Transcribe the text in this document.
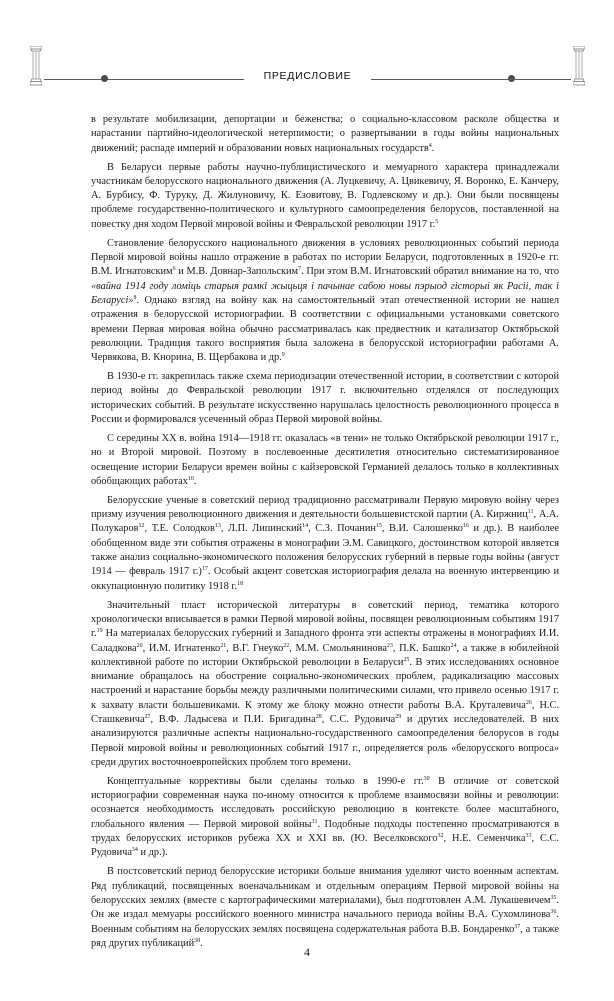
ПРЕДИСЛОВИЕ

в результате мобилизации, депортации и беженства; о социально-классовом расколе общества и нарастании партийно-идеологической нетерпимости; о развертывании в годы войны национальных движений; распаде империй и образовании новых национальных государств$^4$.

В Беларуси первые работы научно-публицистического и мемуарного характера принадлежали участникам белорусского национального движения (А. Луцкевичу, А. Цвикевичу, Я. Воронко, Е. Канчеру, А. Бурбису, Ф. Туруку, Д. Жилуновичу, К. Езовитову, В. Годлевскому и др.). Они были посвящены проблеме государственно-политического и культурного самоопределения белорусов, поставленной на повестку дня ходом Первой мировой войны и Февральской революции 1917 г.$^5$

Становление белорусского национального движения в условиях революционных событий периода Первой мировой войны нашло отражение в работах по истории Беларуси, подготовленных в 1920-е гг. В.М. Игнатовским$^6$ и М.В. Довнар-Запольским$^7$. При этом В.М. Игнатовский обратил внимание на то, что «вайна 1914 году ломіць старыя рамкі жыцьця і пачынае сабою новы пэрыод гісторыі як Расіі, так і Беларусі»$^8$. Однако взгляд на войну как на самостоятельный этап отечественной истории не нашел отражения в белорусской историографии. В соответствии с официальными установками советского времени Первая мировая война обычно рассматривалась как предвестник и катализатор Октябрьской революции. Традиция такого восприятия была заложена в белорусской историографии работами А. Червякова, В. Кнорина, В. Щербакова и др.$^9$

В 1930-е гг. закрепилась также схема периодизации отечественной истории, в соответствии с которой период войны до Февральской революции 1917 г. включительно отделялся от последующих исторических событий. В результате искусственно нарушалась целостность революционного процесса в России и формировался усеченный образ Первой мировой войны.

С середины XX в. война 1914—1918 гг. оказалась «в тени» не только Октябрьской революции 1917 г., но и Второй мировой. Поэтому в послевоенные десятилетия относительно систематизированное освещение истории Беларуси времен войны с кайзеровской Германией делалось только в коллективных обобщающих работах$^{10}$.

Белорусские ученые в советский период традиционно рассматривали Первую мировую войну через призму изучения революционного движения и деятельности большевистской партии (А. Киржниц$^{11}$, А.А. Полукаров$^{12}$, Т.Е. Солодков$^{13}$, Л.П. Липинский$^{14}$, С.З. Почанин$^{15}$, В.И. Салошенко$^{16}$ и др.). В наиболее обобщенном виде эти события отражены в монографии Э.М. Савицкого, достоинством которой является также анализ социально-экономического положения белорусских губерний в первые годы войны (август 1914 — февраль 1917 г.)$^{17}$. Особый акцент советская историография делала на военную интервенцию и оккупационную политику 1918 г.$^{18}$

Значительный пласт исторической литературы в советский период, тематика которого хронологически вписывается в рамки Первой мировой войны, посвящен революционным событиям 1917 г.$^{19}$ На материалах белорусских губерний и Западного фронта эти аспекты отражены в монографиях И.И. Саладкова$^{20}$, И.М. Игнатенко$^{21}$, В.Г. Гнеуко$^{22}$, М.М. Смольянинова$^{23}$, П.К. Башко$^{24}$, а также в юбилейной коллективной работе по истории Октябрьской революции в Беларуси$^{25}$. В этих исследованиях основное внимание обращалось на обострение социально-экономических проблем, радикализацию массовых настроений и нарастание борьбы между различными политическими силами, что привело осенью 1917 г. к захвату власти большевиками. К этому же блоку можно отнести работы В.А. Круталевича$^{26}$, Н.С. Сташкевича$^{27}$, В.Ф. Ладысева и П.И. Бригадина$^{28}$, С.С. Рудовича$^{29}$ и других исследователей. В них анализируются различные аспекты национально-государственного самоопределения белорусов в годы Первой мировой войны и революционных событий 1917 г., определяется роль «белорусского вопроса» среди других восточноевропейских проблем того времени.

Концептуальные коррективы были сделаны только в 1990-е гг.$^{30}$ В отличие от советской историографии современная наука по-иному относится к проблеме взаимосвязи войны и революции: осознается необходимость исследовать российскую революцию в контексте более масштабного, глобального явления — Первой мировой войны$^{31}$. Подобные подходы постепенно просматриваются в трудах белорусских историков рубежа XX и XXI вв. (Ю. Веселковского$^{32}$, Н.Е. Семенчика$^{33}$, С.С. Рудовича$^{34}$ и др.).

В постсоветский период белорусские историки больше внимания уделяют чисто военным аспектам. Ряд публикаций, посвященных военачальникам и отдельным операциям Первой мировой войны на белорусских землях (вместе с картографическими материалами), был подготовлен А.М. Лукашевичем$^{35}$. Он же издал мемуары российского военного министра начального периода войны В.А. Сухомлинова$^{36}$. Военным событиям на белорусских землях посвящена содержательная работа В.В. Бондаренко$^{37}$, а также ряд других публикаций$^{38}$.

4
